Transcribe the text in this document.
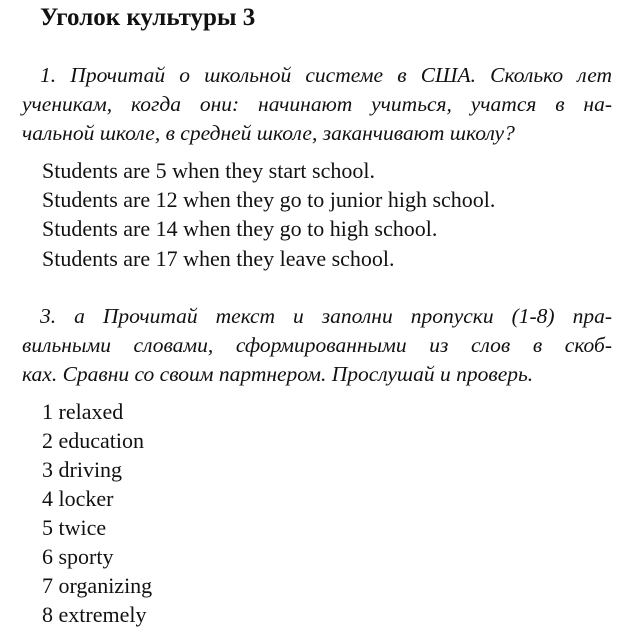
Уголок культуры 3
1. Прочитай о школьной системе в США. Сколько лет
ученикам, когда они: начинают учиться, учатся в на-
чальной школе, в средней школе, заканчивают школу?
Students are 5 when they start school.
Students are 12 when they go to junior high school.
Students are 14 when they go to high school.
Students are 17 when they leave school.
3. а Прочитай текст и заполни пропуски (1-8) пра-
вильными словами, сформированными из слов в скоб-
ках. Сравни со своим партнером. Прослушай и проверь.
1 relaxed
2 education
3 driving
4 locker
5 twice
6 sporty
7 organizing
8 extremely
